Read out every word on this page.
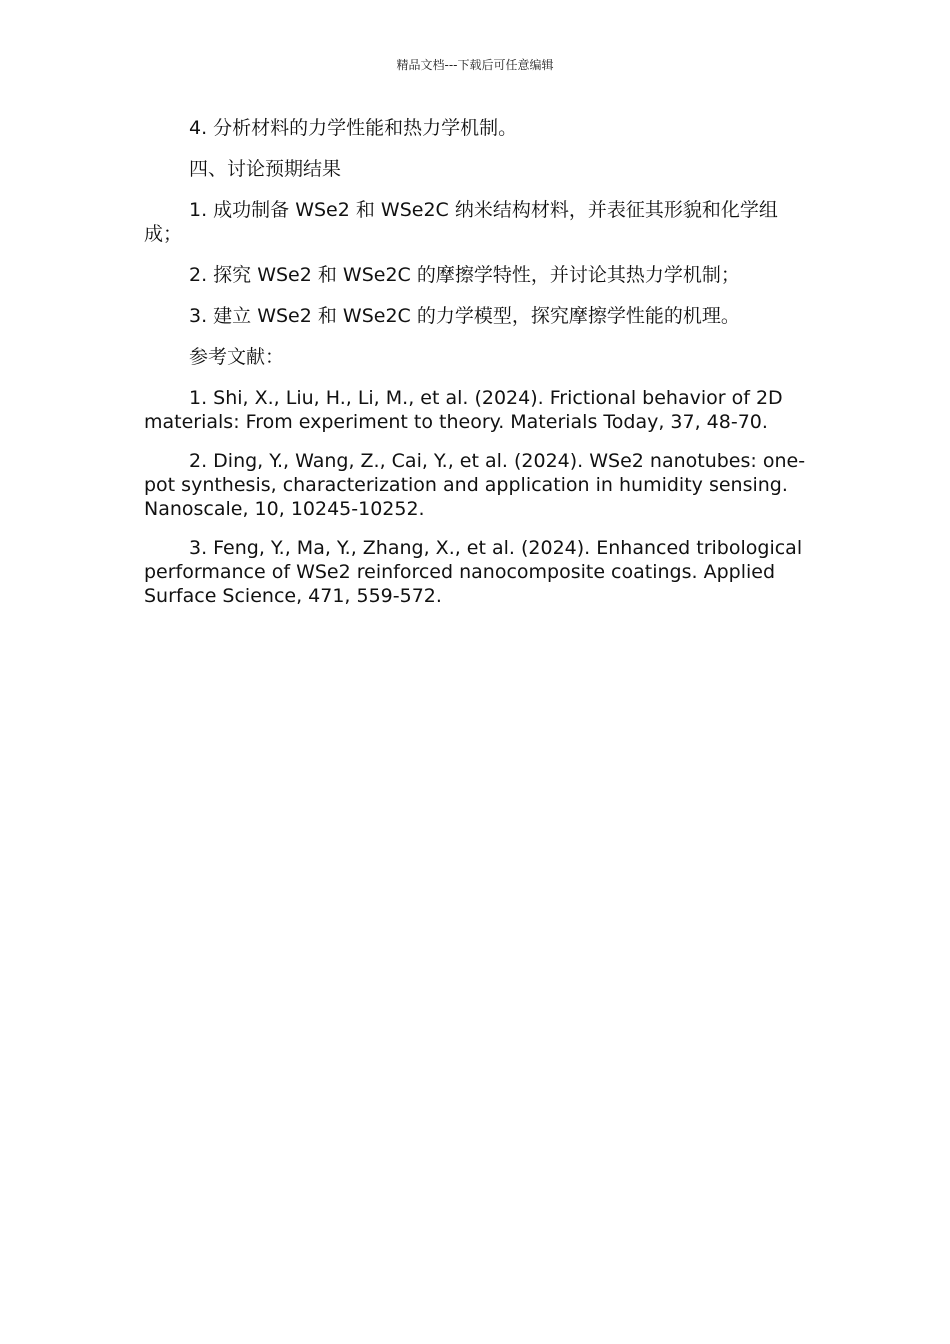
精品文档---下载后可任意编辑

4. 分析材料的力学性能和热力学机制。

四、讨论预期结果

1. 成功制备 WSe2 和 WSe2C 纳米结构材料，并表征其形貌和化学组成；

2. 探究 WSe2 和 WSe2C 的摩擦学特性，并讨论其热力学机制；

3. 建立 WSe2 和 WSe2C 的力学模型，探究摩擦学性能的机理。

参考文献：

1. Shi, X., Liu, H., Li, M., et al. (2024). Frictional behavior of 2D materials: From experiment to theory. Materials Today, 37, 48-70.

2. Ding, Y., Wang, Z., Cai, Y., et al. (2024). WSe2 nanotubes: one-pot synthesis, characterization and application in humidity sensing. Nanoscale, 10, 10245-10252.

3. Feng, Y., Ma, Y., Zhang, X., et al. (2024). Enhanced tribological performance of WSe2 reinforced nanocomposite coatings. Applied Surface Science, 471, 559-572.
